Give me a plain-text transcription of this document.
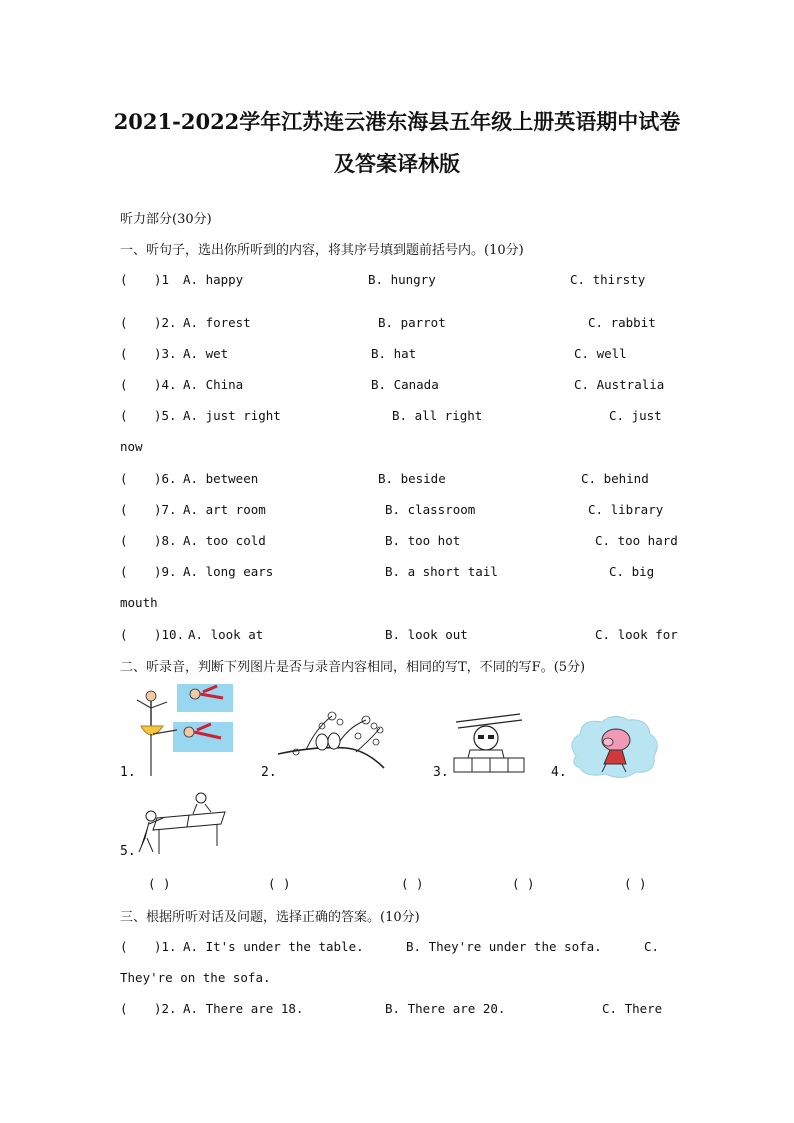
2021-2022学年江苏连云港东海县五年级上册英语期中试卷
及答案译林版
听力部分(30分)
一、听句子，选出你所听到的内容，将其序号填到题前括号内。(10分)
( )1 A. happy	B. hungry	C. thirsty
( )2. A. forest	B. parrot	C. rabbit
( )3. A. wet	B. hat	C. well
( )4. A. China	B. Canada	C. Australia
( )5. A. just right	B. all right	C. just
now
( )6. A. between	B. beside	C. behind
( )7. A. art room	B. classroom	C. library
( )8. A. too cold	B. too hot	C. too hard
( )9. A. long ears	B. a short tail	C. big
mouth
( )10. A. look at	B. look out	C. look for
二、听录音，判断下列图片是否与录音内容相同，相同的写T，不同的写F。(5分)
1.	2.	3.	4.
5.
( )	( )	( )	( )	( )
三、根据所听对话及问题，选择正确的答案。(10分)
( )1. A. It's under the table.	B. They're under the sofa.	C.
They're on the sofa.
( )2. A. There are 18.	B. There are 20.	C. There
